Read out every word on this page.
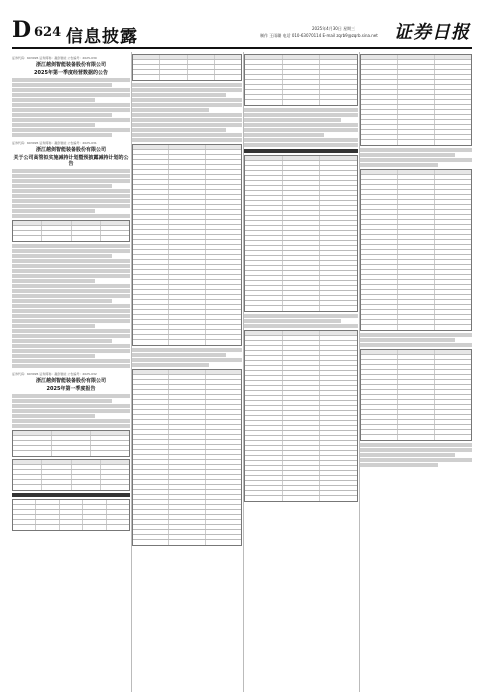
D 624 信息披露	2025年4月30日 星期三
制作 王雨璐 电话 010-63070114 E-mail zqrb9@zqrb.sina.net 证券日报
证券代码：603095 证券简称：越剑智能 公告编号：2025-030
浙江越剑智能装备股份有限公司
2025年第一季度经营数据的公告
证券代码：603095 证券简称：越剑智能 公告编号：2025-031
浙江越剑智能装备股份有限公司
关于公司高管拟实施减持计划暨预披露减持计划的公告
证券代码：603095 证券简称：越剑智能 公告编号：2025-032
浙江越剑智能装备股份有限公司
2025年第一季度报告
